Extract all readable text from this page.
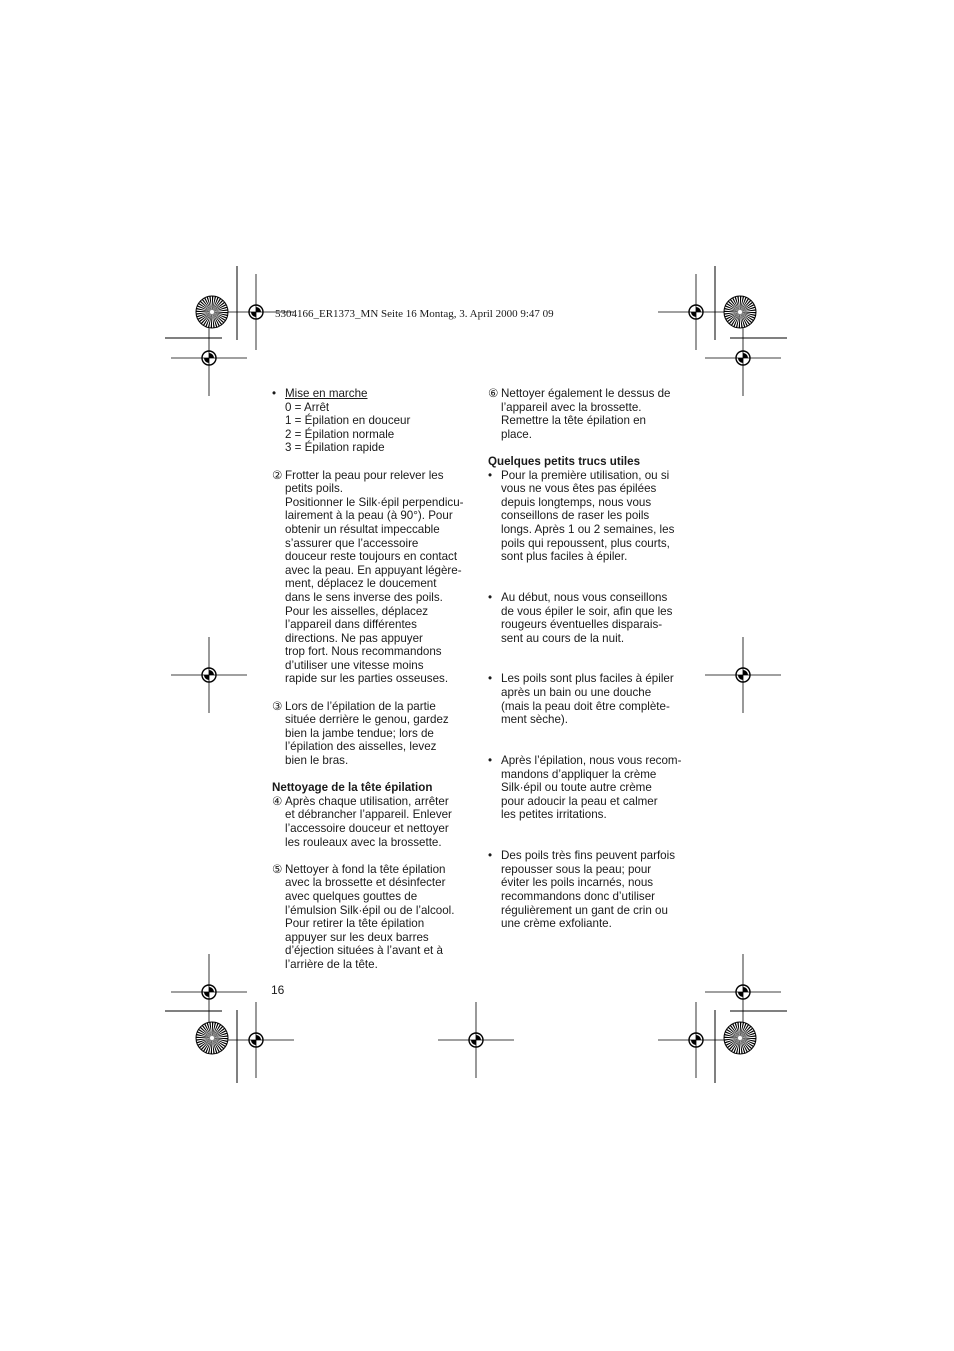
5304166_ER1373_MN Seite 16 Montag, 3. April 2000 9:47 09
• Mise en marche
0 = Arrêt
1 = Épilation en douceur
2 = Épilation normale
3 = Épilation rapide
② Frotter la peau pour relever les
petits poils.
Positionner le Silk·épil perpendicu-
lairement à la peau (à 90°). Pour
obtenir un résultat impeccable
s’assurer que l’accessoire
douceur reste toujours en contact
avec la peau. En appuyant légère-
ment, déplacez le doucement
dans le sens inverse des poils.
Pour les aisselles, déplacez
l’appareil dans différentes
directions. Ne pas appuyer
trop fort. Nous recommandons
d’utiliser une vitesse moins
rapide sur les parties osseuses.
③ Lors de l’épilation de la partie
située derrière le genou, gardez
bien la jambe tendue; lors de
l’épilation des aisselles, levez
bien le bras.
Nettoyage de la tête épilation
④ Après chaque utilisation, arrêter
et débrancher l’appareil. Enlever
l’accessoire douceur et nettoyer
les rouleaux avec la brossette.
⑤ Nettoyer à fond la tête épilation
avec la brossette et désinfecter
avec quelques gouttes de
l’émulsion Silk·épil ou de l’alcool.
Pour retirer la tête épilation
appuyer sur les deux barres
d’éjection situées à l’avant et à
l’arrière de la tête.
⑥ Nettoyer également le dessus de
l’appareil avec la brossette.
Remettre la tête épilation en
place.
Quelques petits trucs utiles
• Pour la première utilisation, ou si
vous ne vous êtes pas épilées
depuis longtemps, nous vous
conseillons de raser les poils
longs. Après 1 ou 2 semaines, les
poils qui repoussent, plus courts,
sont plus faciles à épiler.
• Au début, nous vous conseillons
de vous épiler le soir, afin que les
rougeurs éventuelles disparais-
sent au cours de la nuit.
• Les poils sont plus faciles à épiler
après un bain ou une douche
(mais la peau doit être complète-
ment sèche).
• Après l’épilation, nous vous recom-
mandons d’appliquer la crème
Silk·épil ou toute autre crème
pour adoucir la peau et calmer
les petites irritations.
• Des poils très fins peuvent parfois
repousser sous la peau; pour
éviter les poils incarnés, nous
recommandons donc d’utiliser
régulièrement un gant de crin ou
une crème exfoliante.
16
